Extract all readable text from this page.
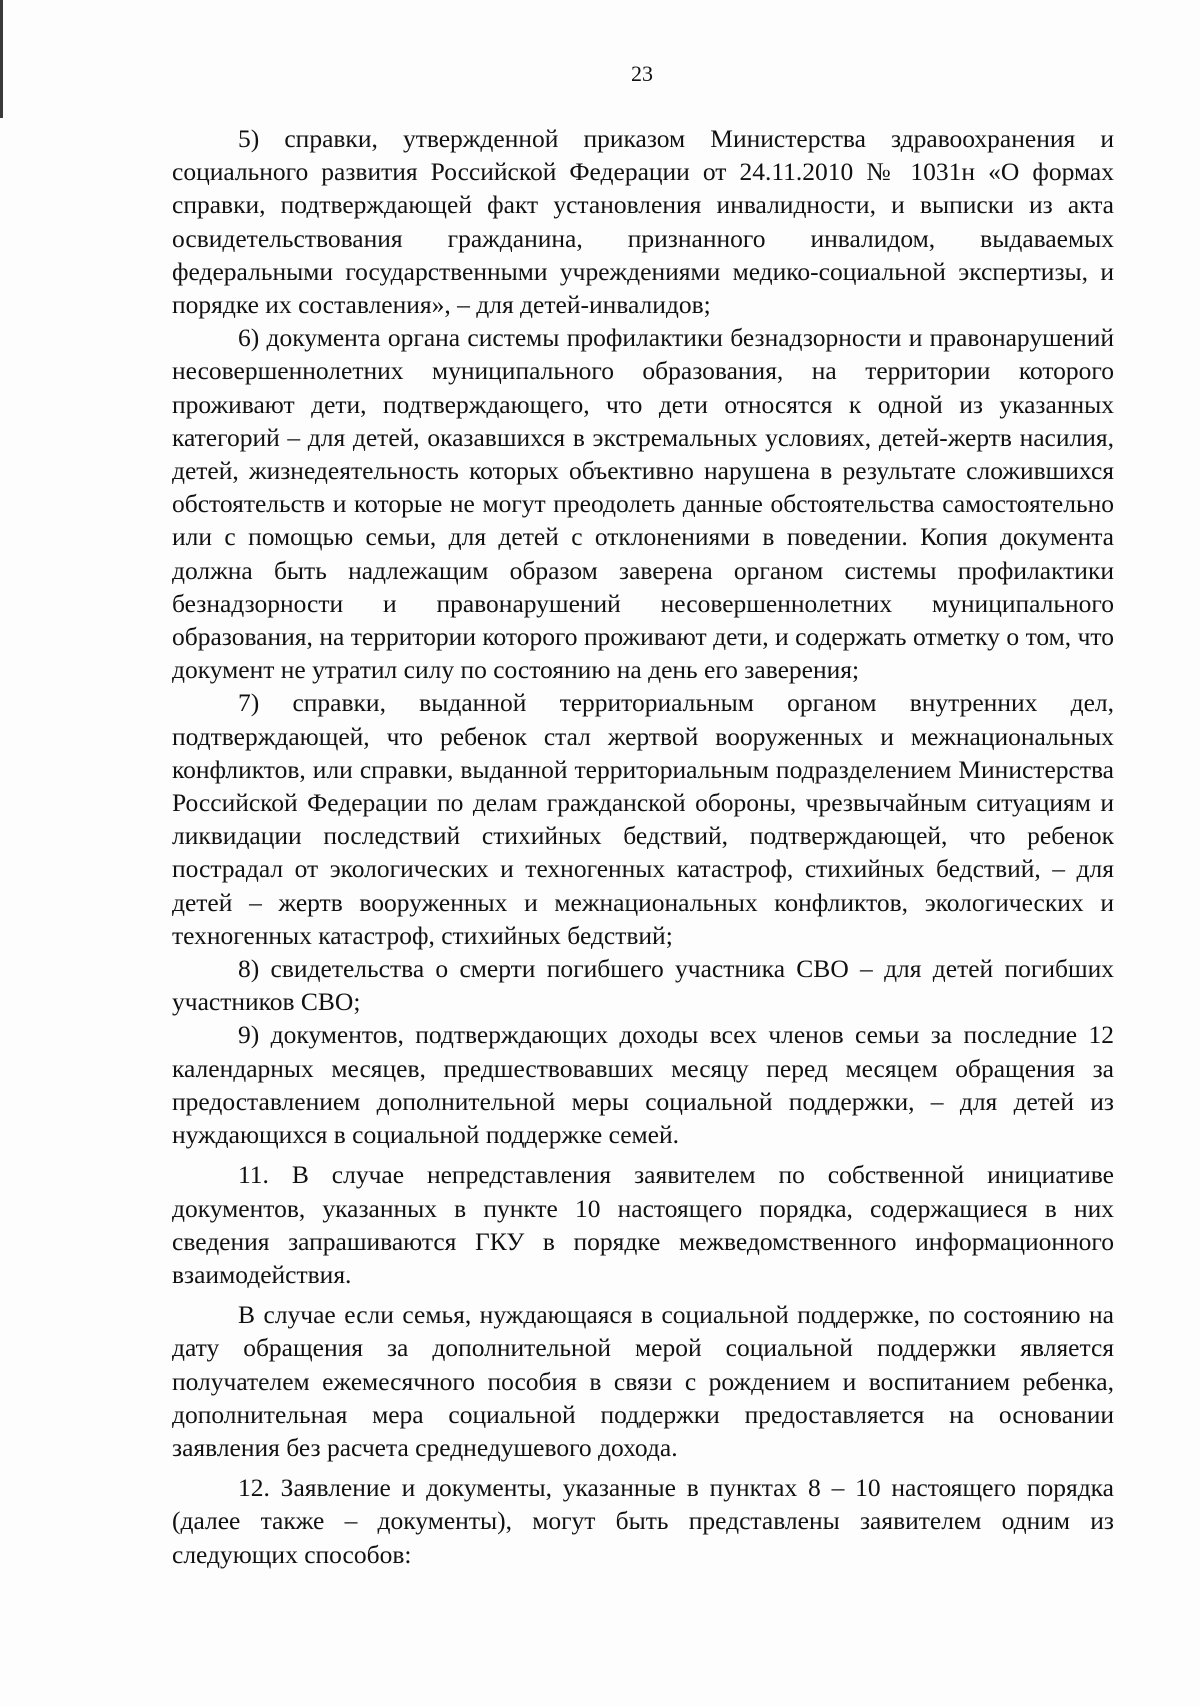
23

5) справки, утвержденной приказом Министерства здравоохранения и социального развития Российской Федерации от 24.11.2010 № 1031н «О формах справки, подтверждающей факт установления инвалидности, и выписки из акта освидетельствования гражданина, признанного инвалидом, выдаваемых федеральными государственными учреждениями медико-социальной экспертизы, и порядке их составления», – для детей-инвалидов;

6) документа органа системы профилактики безнадзорности и правонарушений несовершеннолетних муниципального образования, на территории которого проживают дети, подтверждающего, что дети относятся к одной из указанных категорий – для детей, оказавшихся в экстремальных условиях, детей-жертв насилия, детей, жизнедеятельность которых объективно нарушена в результате сложившихся обстоятельств и которые не могут преодолеть данные обстоятельства самостоятельно или с помощью семьи, для детей с отклонениями в поведении. Копия документа должна быть надлежащим образом заверена органом системы профилактики безнадзорности и правонарушений несовершеннолетних муниципального образования, на территории которого проживают дети, и содержать отметку о том, что документ не утратил силу по состоянию на день его заверения;

7) справки, выданной территориальным органом внутренних дел, подтверждающей, что ребенок стал жертвой вооруженных и межнациональных конфликтов, или справки, выданной территориальным подразделением Министерства Российской Федерации по делам гражданской обороны, чрезвычайным ситуациям и ликвидации последствий стихийных бедствий, подтверждающей, что ребенок пострадал от экологических и техногенных катастроф, стихийных бедствий, – для детей – жертв вооруженных и межнациональных конфликтов, экологических и техногенных катастроф, стихийных бедствий;

8) свидетельства о смерти погибшего участника СВО – для детей погибших участников СВО;

9) документов, подтверждающих доходы всех членов семьи за последние 12 календарных месяцев, предшествовавших месяцу перед месяцем обращения за предоставлением дополнительной меры социальной поддержки, – для детей из нуждающихся в социальной поддержке семей.

11. В случае непредставления заявителем по собственной инициативе документов, указанных в пункте 10 настоящего порядка, содержащиеся в них сведения запрашиваются ГКУ в порядке межведомственного информационного взаимодействия.

В случае если семья, нуждающаяся в социальной поддержке, по состоянию на дату обращения за дополнительной мерой социальной поддержки является получателем ежемесячного пособия в связи с рождением и воспитанием ребенка, дополнительная мера социальной поддержки предоставляется на основании заявления без расчета среднедушевого дохода.

12. Заявление и документы, указанные в пунктах 8 – 10 настоящего порядка (далее также – документы), могут быть представлены заявителем одним из следующих способов:
